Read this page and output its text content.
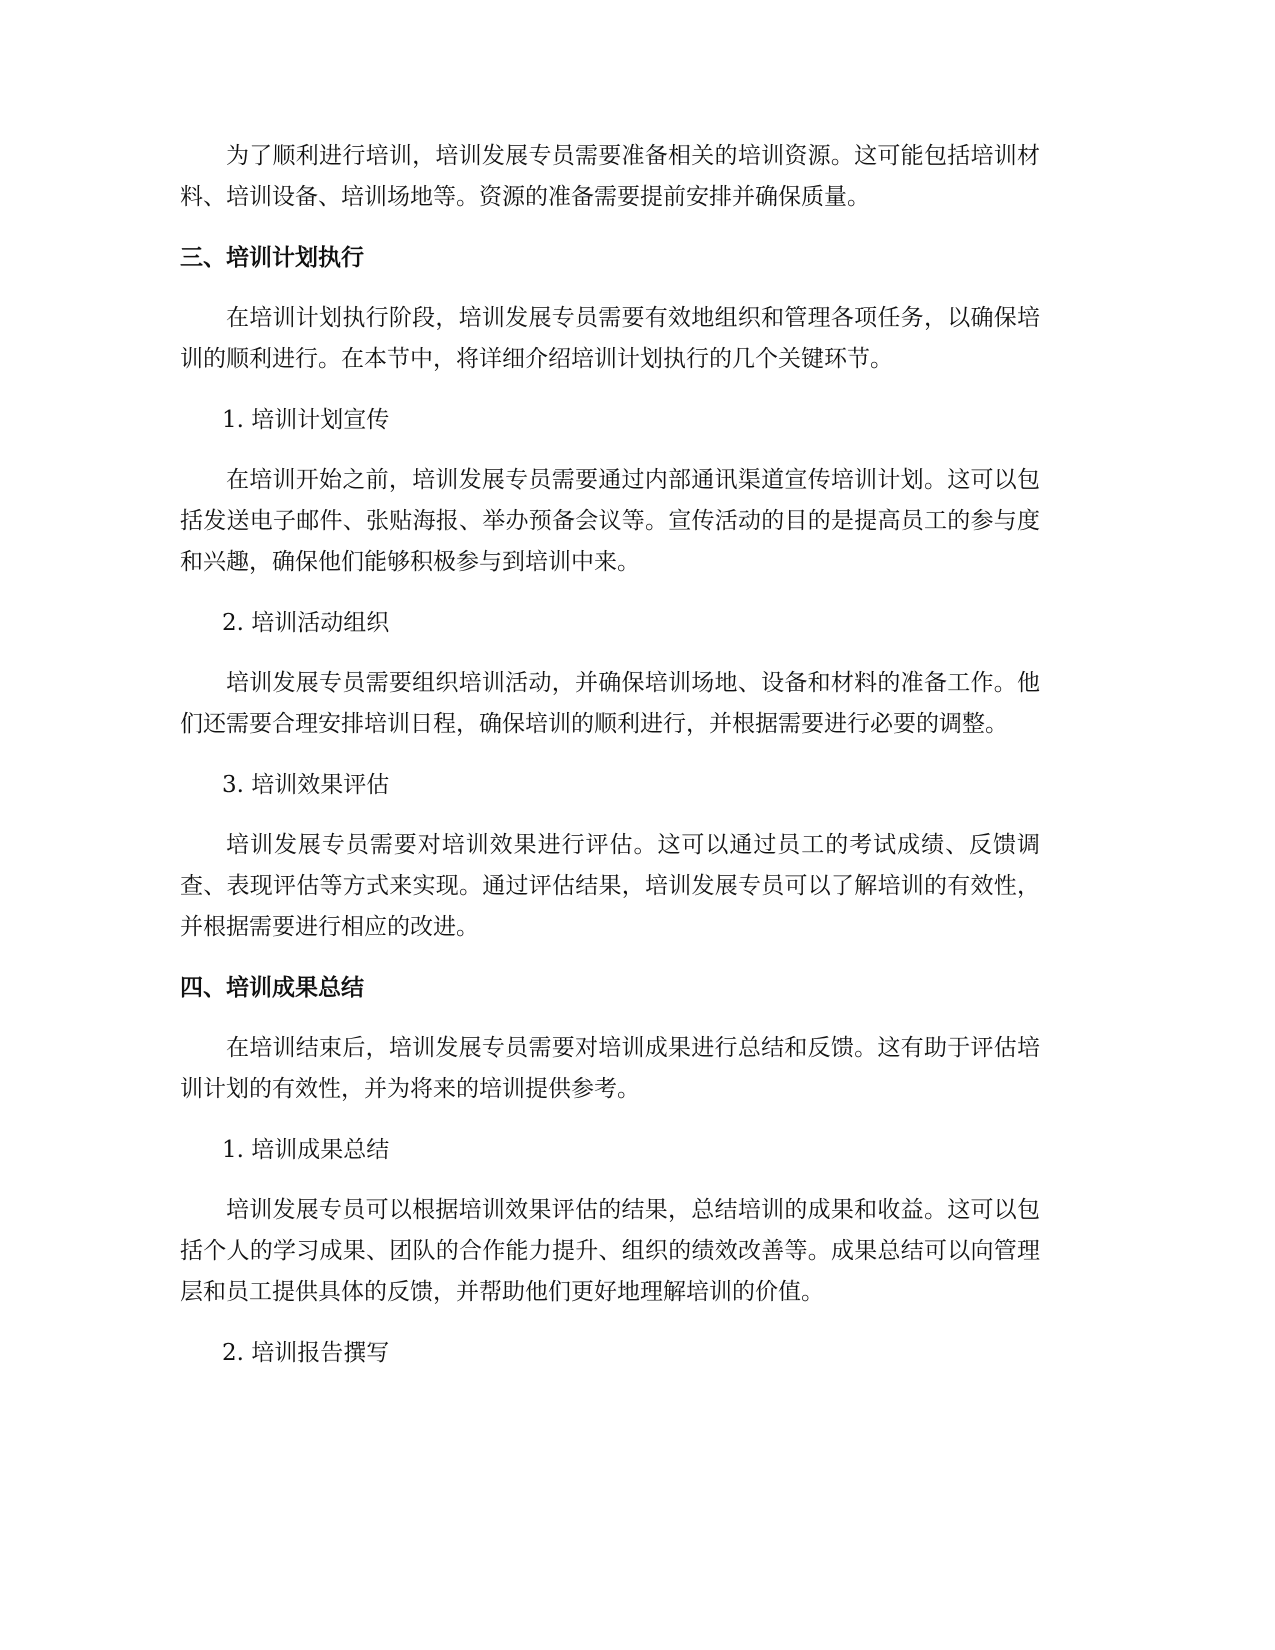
为了顺利进行培训，培训发展专员需要准备相关的培训资源。这可能包括培训材料、培训设备、培训场地等。资源的准备需要提前安排并确保质量。

三、培训计划执行

在培训计划执行阶段，培训发展专员需要有效地组织和管理各项任务，以确保培训的顺利进行。在本节中，将详细介绍培训计划执行的几个关键环节。

1. 培训计划宣传

在培训开始之前，培训发展专员需要通过内部通讯渠道宣传培训计划。这可以包括发送电子邮件、张贴海报、举办预备会议等。宣传活动的目的是提高员工的参与度和兴趣，确保他们能够积极参与到培训中来。

2. 培训活动组织

培训发展专员需要组织培训活动，并确保培训场地、设备和材料的准备工作。他们还需要合理安排培训日程，确保培训的顺利进行，并根据需要进行必要的调整。

3. 培训效果评估

培训发展专员需要对培训效果进行评估。这可以通过员工的考试成绩、反馈调查、表现评估等方式来实现。通过评估结果，培训发展专员可以了解培训的有效性，并根据需要进行相应的改进。

四、培训成果总结

在培训结束后，培训发展专员需要对培训成果进行总结和反馈。这有助于评估培训计划的有效性，并为将来的培训提供参考。

1. 培训成果总结

培训发展专员可以根据培训效果评估的结果，总结培训的成果和收益。这可以包括个人的学习成果、团队的合作能力提升、组织的绩效改善等。成果总结可以向管理层和员工提供具体的反馈，并帮助他们更好地理解培训的价值。

2. 培训报告撰写
